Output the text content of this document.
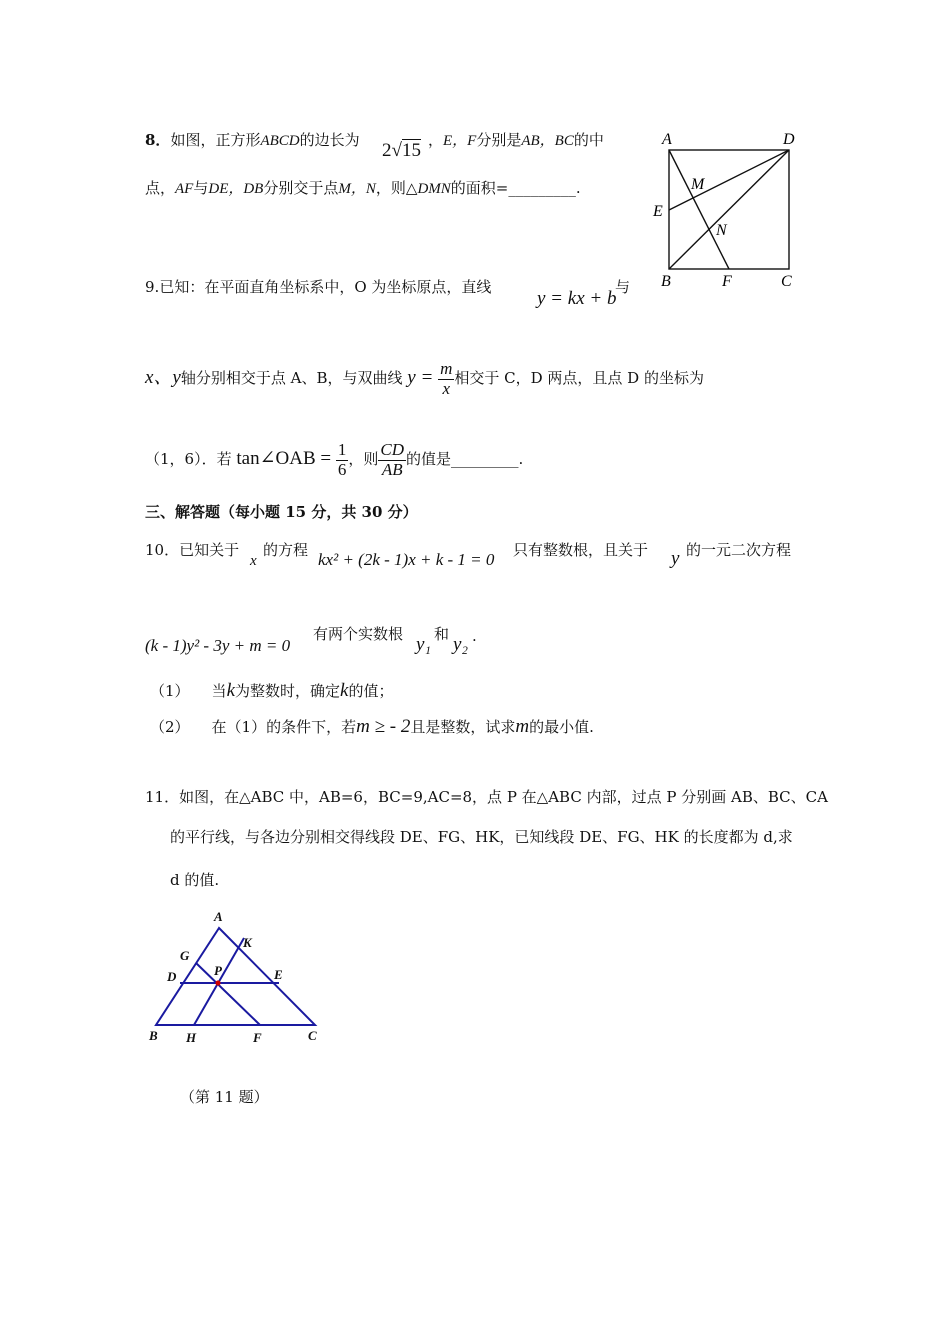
8．如图，正方形ABCD的边长为 2√15 ，E，F分别是AB，BC的中
点，AF与DE，DB分别交于点M，N，则△DMN的面积=_________.
A	D
M
E
N
B	F	C
9.已知：在平面直角坐标系中，O 为坐标原点，直线
y = kx + b
与
x、y轴分别相交于点 A、B，与双曲线 $y = \frac{m}{x}$ 相交于 C，D 两点，且点 D 的坐标为
（1，6）．若 tan∠OAB = $\frac{1}{6}$ ，则 $\frac{CD}{AB}$ 的值是_________.
三、解答题（每小题 15 分，共 30 分）
10．已知关于
x
的方程 kx² + (2k - 1)x + k - 1 = 0 只有整数根，且关于 y 的一元二次方程
(k - 1)y² - 3y + m = 0
有两个实数根 y₁ 和 y₂ .
（1） 当k为整数时，确定k的值；
（2） 在（1）的条件下，若m ≥ - 2且是整数，试求m的最小值.
11．如图，在△ABC 中，AB=6，BC=9,AC=8，点 P 在△ABC 内部，过点 P 分别画 AB、BC、CA
的平行线，与各边分别相交得线段 DE、FG、HK，已知线段 DE、FG、HK 的长度都为 d,求
d 的值.
A
K
G
P
D	E
B H	F	C
（第 11 题）
